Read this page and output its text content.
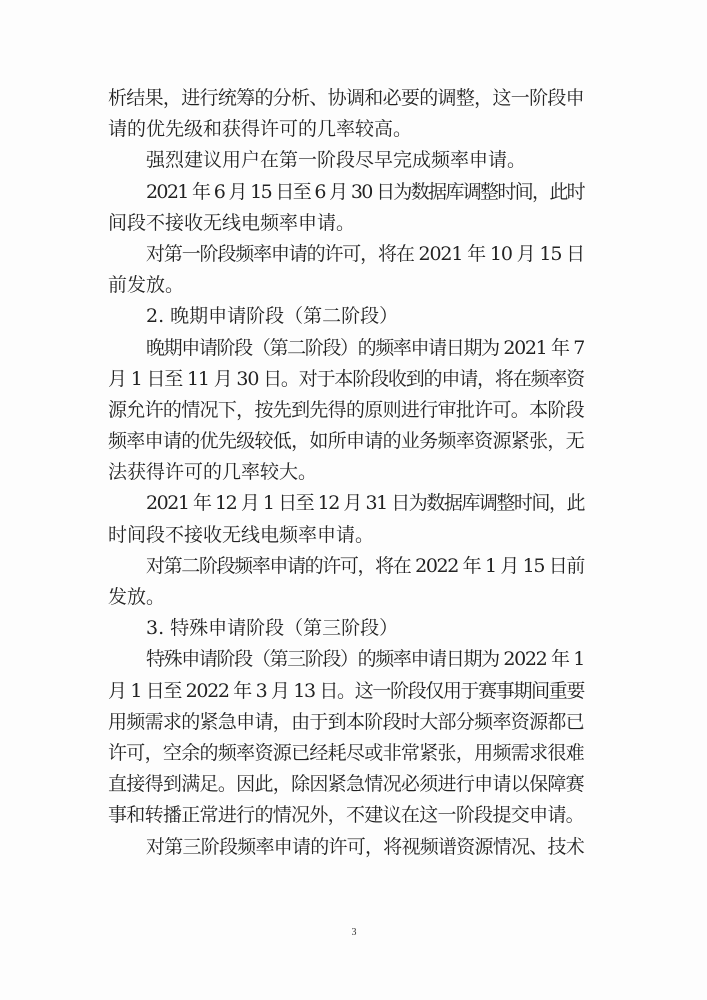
析结果，进行统筹的分析、协调和必要的调整，这一阶段申
请的优先级和获得许可的几率较高。
强烈建议用户在第一阶段尽早完成频率申请。
2021 年 6 月 15 日至 6 月 30 日为数据库调整时间，此时
间段不接收无线电频率申请。
对第一阶段频率申请的许可，将在 2021 年 10 月 15 日
前发放。
2. 晚期申请阶段（第二阶段）
晚期申请阶段（第二阶段）的频率申请日期为 2021 年 7
月 1 日至 11 月 30 日。对于本阶段收到的申请，将在频率资
源允许的情况下，按先到先得的原则进行审批许可。本阶段
频率申请的优先级较低，如所申请的业务频率资源紧张，无
法获得许可的几率较大。
2021 年 12 月 1 日至 12 月 31 日为数据库调整时间，此
时间段不接收无线电频率申请。
对第二阶段频率申请的许可，将在 2022 年 1 月 15 日前
发放。
3. 特殊申请阶段（第三阶段）
特殊申请阶段（第三阶段）的频率申请日期为 2022 年 1
月 1 日至 2022 年 3 月 13 日。这一阶段仅用于赛事期间重要
用频需求的紧急申请，由于到本阶段时大部分频率资源都已
许可，空余的频率资源已经耗尽或非常紧张，用频需求很难
直接得到满足。因此，除因紧急情况必须进行申请以保障赛
事和转播正常进行的情况外，不建议在这一阶段提交申请。
对第三阶段频率申请的许可，将视频谱资源情况、技术
3
